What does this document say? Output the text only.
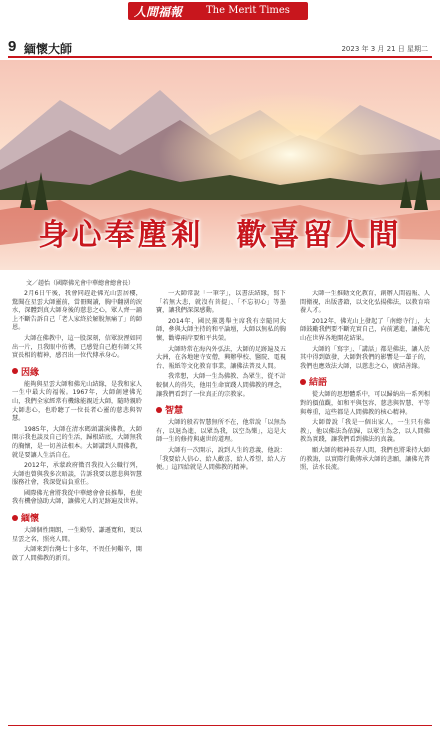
人間福報 The Merit Times
9 緬懷大師	2023 年 3 月 21 日 星期二
身心奉塵剎　歡喜留人間
文／趙怡（國際佛光會中華總會總會長）

2月6日午後，我會同趕赴佛光山雲居樓，驚聞在星雲大師靈前，當冊閱讀，胸中翻湧的淚水，深體到真大師身後的慈悲之心，眾人齊一誦上不斷告訴自己「老人家終於解脫無痛了」的師恩。

大師在佛教中，這一股深刻，信眾淚溼如同出一片，且我眼中彷彿，已感覺自己抱有師父其實長相的精神，感召出一位代傳承身心。

因緣

能夠與星雲大師和佛光山結緣，是我和家人一生中最大的福報。1967年，大師創建佛光山，我們全家經常有機緣能親近大師，隨時親聆大師悲心，也聆聽了一位長者心靈的慈悲與智慧。

1985年，大師在清水碼頭講演佛教，大師開示我也談及自己的生活，歸根結底，大師無我的胸懷，是一切善法根本。大師講到人間佛教，就是要讓人生活自在。

2012年，承蒙政府徵召我投入公職行列，大師也曾與我多次晤談，告訴我要以慈悲與智慧服務社會，我深覺肩負重任。

國際佛光會將我從中華總會會長推舉，也使我有機會協助大師，讓佛光人的足跡遍及世界。

緬懷

大師個性開朗，一生勤勞、謙遜寬和，更以星雲之名，照亮人間。

大師來到台灣七十多年，不畏任何艱辛，開啟了人間佛教的新頁。

一大師常說「一筆字」，以書法結緣，寫下「若無大悲，就沒有菩提」、「不忘初心」等墨寶，讓我們深深感動。

2014年，國民黨選舉主席我有幸隨同大師，參與大師主持的和平論壇，大師以無私的胸懷，勸導兩岸要和平共榮。

大師時常在海內外弘法，大師的足跡遍及五大洲，在各地建寺安僧，興辦學校、醫院、電視台、報紙等文化教育事業，讓佛法普及人間。

我常想，大師一生為佛教、為眾生，從不計較個人的得失，他用生命實踐人間佛教的理念，讓我們看到了一位真正的宗教家。

智慧

大師的般若智慧無所不在，他常說「以無為有，以退為進，以眾為我，以空為樂」，這是大師一生的修持與處世的道理。

大師有一次開示，說到人生的意義，他說：「我要給人信心、給人歡喜、給人希望、給人方便。」這四給就是人間佛教的精神。

大師一生推動文化教育，創辦人間福報、人間衛視，出版書籍，以文化弘揚佛法，以教育培養人才。

2012年，佛光山上發起了「南總寺行」，大師鼓勵我們要不斷充實自己，向前邁進，讓佛光山在世界各地開花結果。

大師的「寫字」、「講話」都是佛法，讓人於其中得到啟發，大師對我們的影響是一輩子的，我們也應效法大師，以慈悲之心，廣結善緣。

結語

從大師的思想體系中，可以歸納出一系列相對的價值觀，如和平與包容、慈悲與智慧、平等與尊重，這些都是人間佛教的核心精神。

大師曾說「我是一個出家人，一生只有佛教」，他以佛法為依歸，以眾生為念，以人間佛教為實踐，讓我們看到佛法的真義。

願大師的精神長存人間，我們也將秉持大師的教誨，以實際行動傳承大師的悲願，讓佛光普照，法水長流。
